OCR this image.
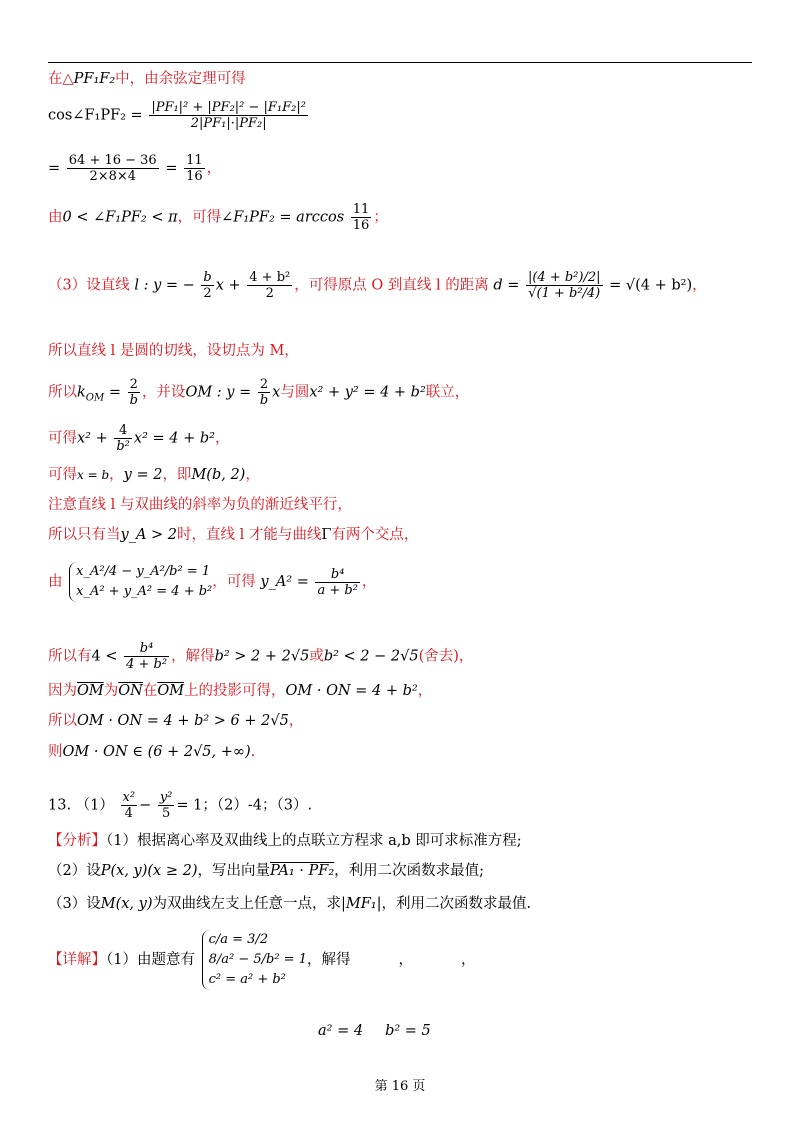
在△PF₁F₂中，由余弦定理可得
cos∠F₁PF₂ = $\frac{\text{|PF₁|² + |PF₂|² − |F₁F₂|²}}{\text{2|PF₁|·|PF₂|}}$
= $\frac{64 + 16 - 36}{2\times 8\times 4} = \frac{11}{16}$ ，
由0 < ∠F₁PF₂ < π，可得∠F₁PF₂ = $\arccos \frac{11}{16}$ ；
（3）设直线 l : y = − $\frac{b}{2}$ $x + \frac{\text{4 + b²}}{2}$ ，可得原点 O 到直线 l 的距离 $d = \frac{\text{|(4 + b²)/2|}}{\text{√(1 + b²/4)}} = √(4 + b^2)$，
所以直线 l 是圆的切线，设切点为 M，
所以$k_{OM} = \frac{2}{b}$ ，并设OM : $y = \frac{2}{b}$ x与圆x² + y² = 4 + b²联立，
可得$x^2 + \frac{4}{\text{b²}} x^2 = 4 + b^2$，
可得x = b，y = 2，即M(b, 2)，
注意直线 l 与双曲线的斜率为负的渐近线平行，
所以只有当y_A > 2时，直线 l 才能与曲线Γ有两个交点，
由
x_A²/4 − y_A²/b² = 1
x_A² + y_A² = 4 + b²
，可得 y_A² = $\frac{\text{b⁴}}{\text{a + b²}}$ ，
所以有$4 < \frac{\text{b⁴}}{\text{4 + b²}}$ ，解得b² > 2 + 2√5或b² < 2 − 2√5(舍去)，
因为$\overline{OM}$为$\overline{ON}$在$\overline{OM}$上的投影可得，OM · ON = 4 + b²，
所以OM · ON = 4 + b² > 6 + 2√5，
则OM · ON ∈ (6 + 2√5, +∞).
13. $(1) \frac{\text{x²}}{4} - \frac{\text{y²}}{5} = 1$；（2）-4；（3）.
【分析】（1）根据离心率及双曲线上的点联立方程求 a,b 即可求标准方程;
（2）设P(x, y)(x ≥ 2)，写出向量PA₁ · PF₂，利用二次函数求最值;
（3）设M(x, y)为双曲线左支上任意一点，求|MF₁|，利用二次函数求最值.
【详解】（1）由题意有
c/a = 3/2
8/a² − 5/b² = 1
c² = a² + b²
，解得	，	，
a² = 4 b² = 5
第 16 页
